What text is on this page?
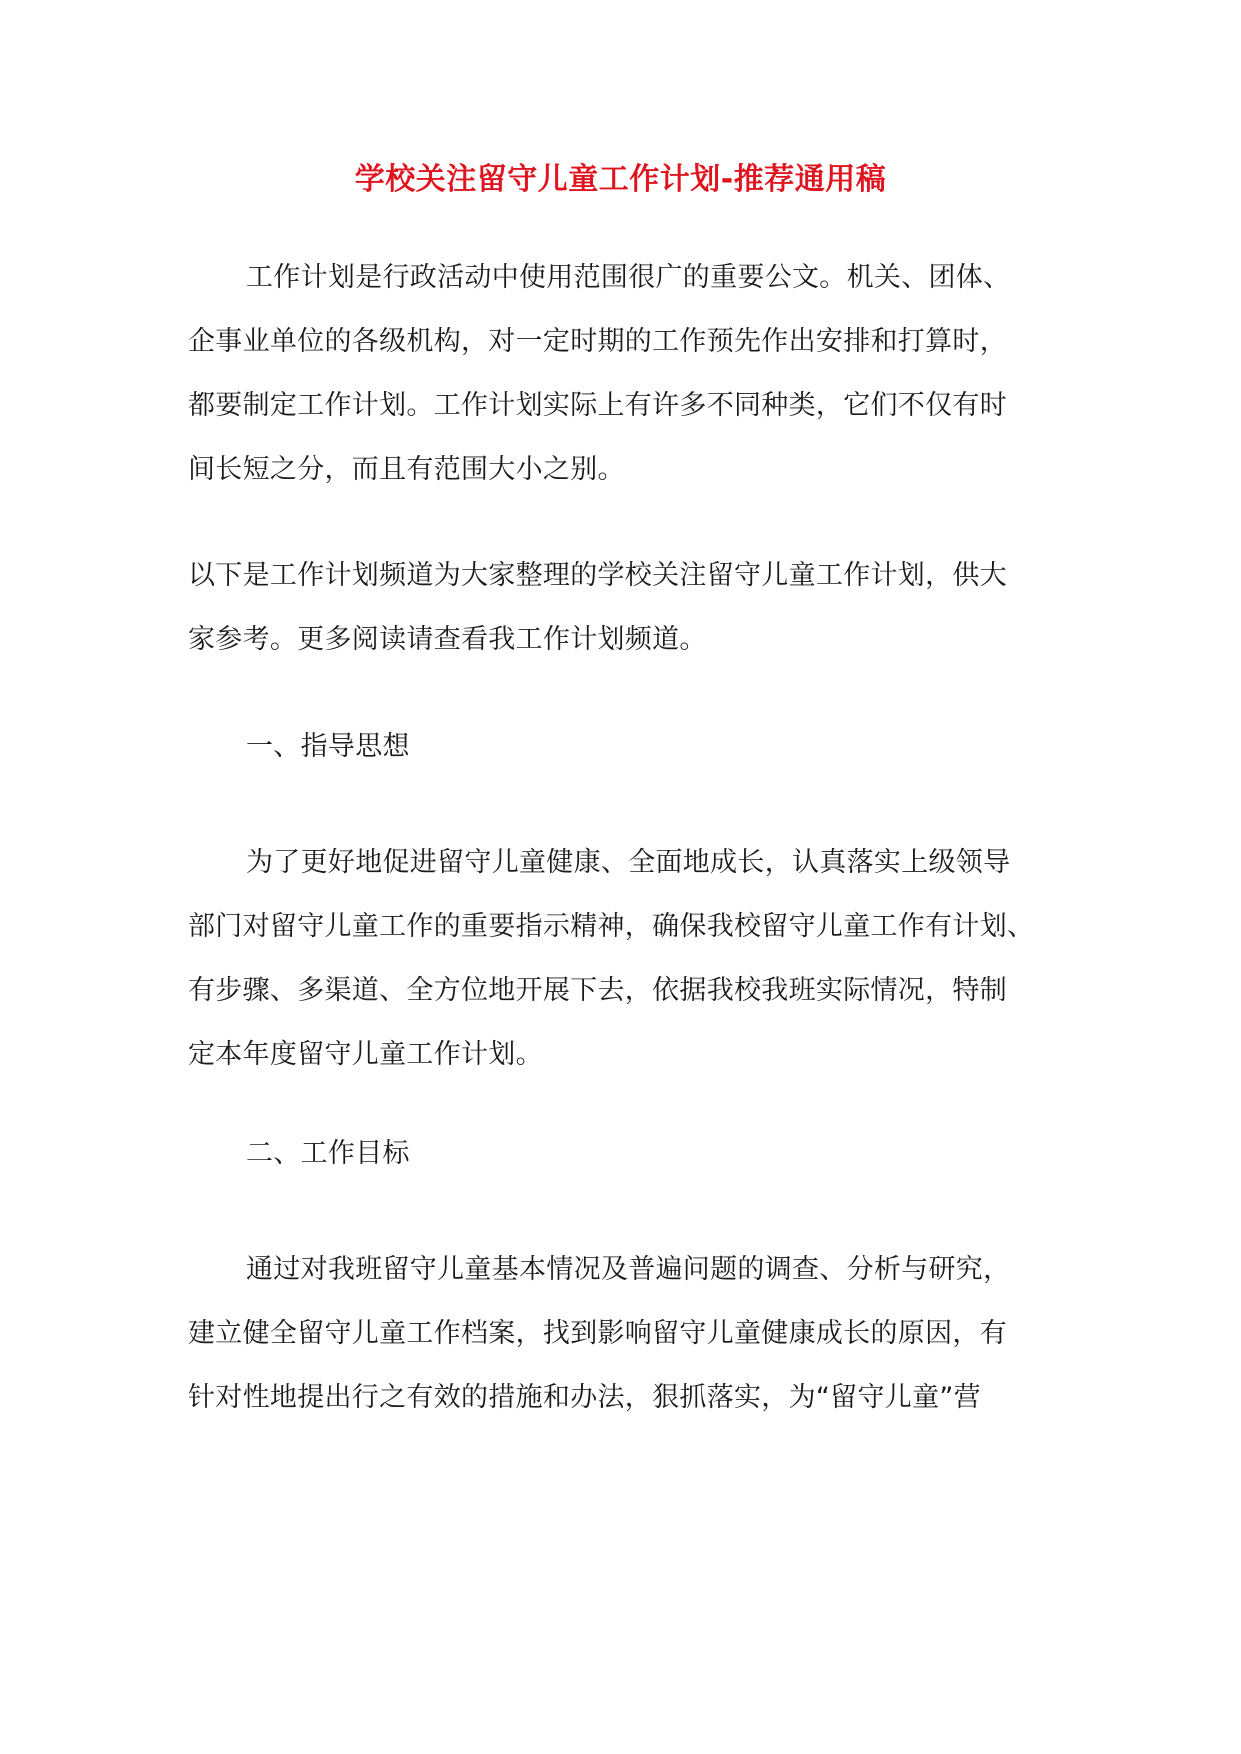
学校关注留守儿童工作计划-推荐通用稿
工作计划是行政活动中使用范围很广的重要公文。机关、团体、
企事业单位的各级机构，对一定时期的工作预先作出安排和打算时，
都要制定工作计划。工作计划实际上有许多不同种类，它们不仅有时
间长短之分，而且有范围大小之别。
以下是工作计划频道为大家整理的学校关注留守儿童工作计划，供大
家参考。更多阅读请查看我工作计划频道。
一、指导思想
为了更好地促进留守儿童健康、全面地成长，认真落实上级领导
部门对留守儿童工作的重要指示精神，确保我校留守儿童工作有计划、
有步骤、多渠道、全方位地开展下去，依据我校我班实际情况，特制
定本年度留守儿童工作计划。
二、工作目标
通过对我班留守儿童基本情况及普遍问题的调查、分析与研究，
建立健全留守儿童工作档案，找到影响留守儿童健康成长的原因，有
针对性地提出行之有效的措施和办法，狠抓落实，为“留守儿童”营
